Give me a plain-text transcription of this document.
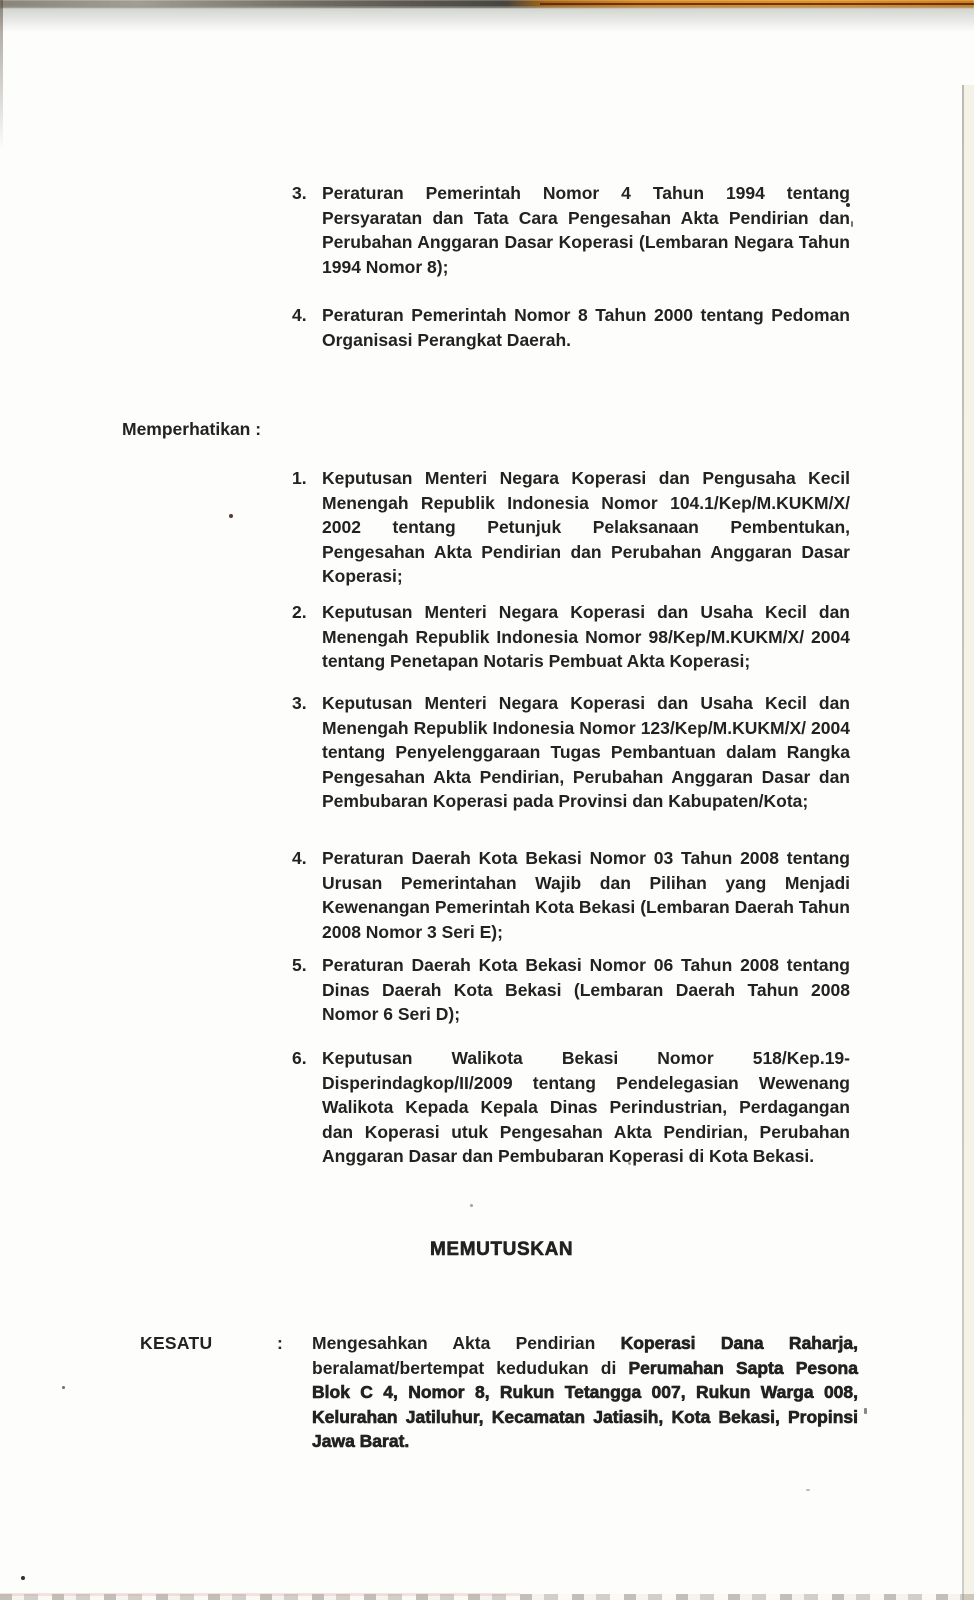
3. Peraturan Pemerintah Nomor 4 Tahun 1994 tentang Persyaratan dan Tata Cara Pengesahan Akta Pendirian dan Perubahan Anggaran Dasar Koperasi (Lembaran Negara Tahun 1994 Nomor 8);

4. Peraturan Pemerintah Nomor 8 Tahun 2000 tentang Pedoman Organisasi Perangkat Daerah.

Memperhatikan :
1. Keputusan Menteri Negara Koperasi dan Pengusaha Kecil Menengah Republik Indonesia Nomor 104.1/Kep/M.KUKM/X/ 2002 tentang Petunjuk Pelaksanaan Pembentukan, Pengesahan Akta Pendirian dan Perubahan Anggaran Dasar Koperasi;

2. Keputusan Menteri Negara Koperasi dan Usaha Kecil dan Menengah Republik Indonesia Nomor 98/Kep/M.KUKM/X/ 2004 tentang Penetapan Notaris Pembuat Akta Koperasi;

3. Keputusan Menteri Negara Koperasi dan Usaha Kecil dan Menengah Republik Indonesia Nomor 123/Kep/M.KUKM/X/ 2004 tentang Penyelenggaraan Tugas Pembantuan dalam Rangka Pengesahan Akta Pendirian, Perubahan Anggaran Dasar dan Pembubaran Koperasi pada Provinsi dan Kabupaten/Kota;

4. Peraturan Daerah Kota Bekasi Nomor 03 Tahun 2008 tentang Urusan Pemerintahan Wajib dan Pilihan yang Menjadi Kewenangan Pemerintah Kota Bekasi (Lembaran Daerah Tahun 2008 Nomor 3 Seri E);

5. Peraturan Daerah Kota Bekasi Nomor 06 Tahun 2008 tentang Dinas Daerah Kota Bekasi (Lembaran Daerah Tahun 2008 Nomor 6 Seri D);

6. Keputusan Walikota Bekasi Nomor 518/Kep.19-Disperindagkop/II/2009 tentang Pendelegasian Wewenang Walikota Kepada Kepala Dinas Perindustrian, Perdagangan dan Koperasi utuk Pengesahan Akta Pendirian, Perubahan Anggaran Dasar dan Pembubaran Koperasi di Kota Bekasi.

MEMUTUSKAN
KESATU	: Mengesahkan Akta Pendirian Koperasi Dana Raharja, beralamat/bertempat kedudukan di Perumahan Sapta Pesona Blok C 4, Nomor 8, Rukun Tetangga 007, Rukun Warga 008, Kelurahan Jatiluhur, Kecamatan Jatiasih, Kota Bekasi, Propinsi Jawa Barat.
